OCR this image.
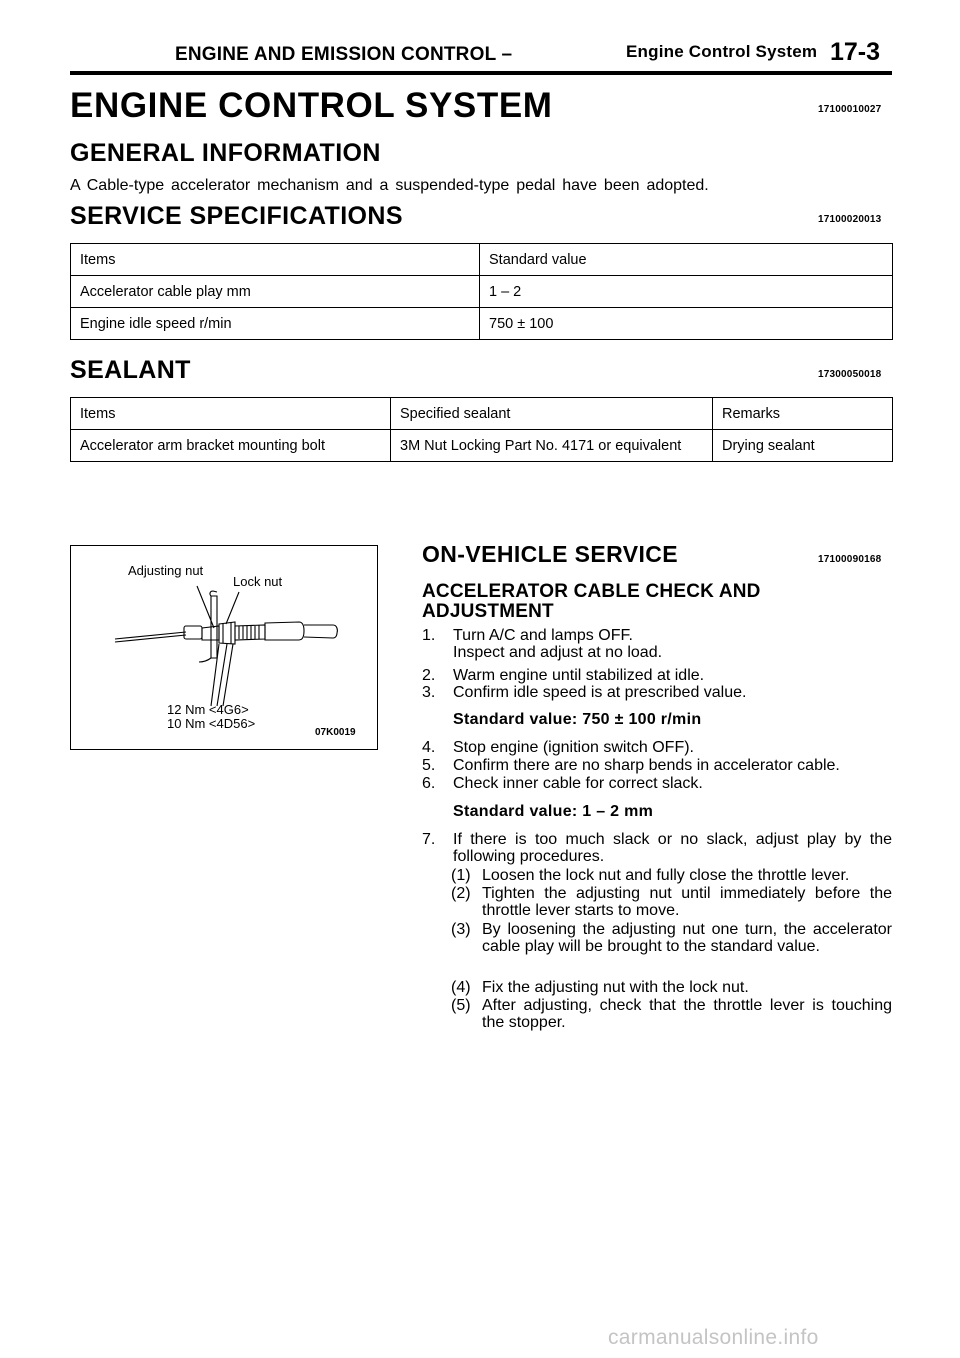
ENGINE AND EMISSION CONTROL –	Engine Control System 17-3
ENGINE CONTROL SYSTEM	17100010027
GENERAL INFORMATION
A Cable-type accelerator mechanism and a suspended-type pedal have been adopted.
SERVICE SPECIFICATIONS	17100020013
Items	Standard value
Accelerator cable play mm	1 – 2
Engine idle speed r/min	750 ± 100
SEALANT	17300050018
Items	Specified sealant	Remarks
Accelerator arm bracket mounting bolt	3M Nut Locking Part No. 4171 or equivalent	Drying sealant
Adjusting nut
Lock nut
12 Nm <4G6>
10 Nm <4D56>
07K0019
ON-VEHICLE SERVICE	17100090168
ACCELERATOR CABLE CHECK AND ADJUSTMENT
1. Turn A/C and lamps OFF.
Inspect and adjust at no load.
2. Warm engine until stabilized at idle.
3. Confirm idle speed is at prescribed value.
Standard value: 750 ± 100 r/min
4. Stop engine (ignition switch OFF).
5. Confirm there are no sharp bends in accelerator cable.
6. Check inner cable for correct slack.
Standard value: 1 – 2 mm
7. If there is too much slack or no slack, adjust play by the following procedures.
(1) Loosen the lock nut and fully close the throttle lever.
(2) Tighten the adjusting nut until immediately before the throttle lever starts to move.
(3) By loosening the adjusting nut one turn, the accelerator cable play will be brought to the standard value.
(4) Fix the adjusting nut with the lock nut.
(5) After adjusting, check that the throttle lever is touching the stopper.
carmanualsonline.info
